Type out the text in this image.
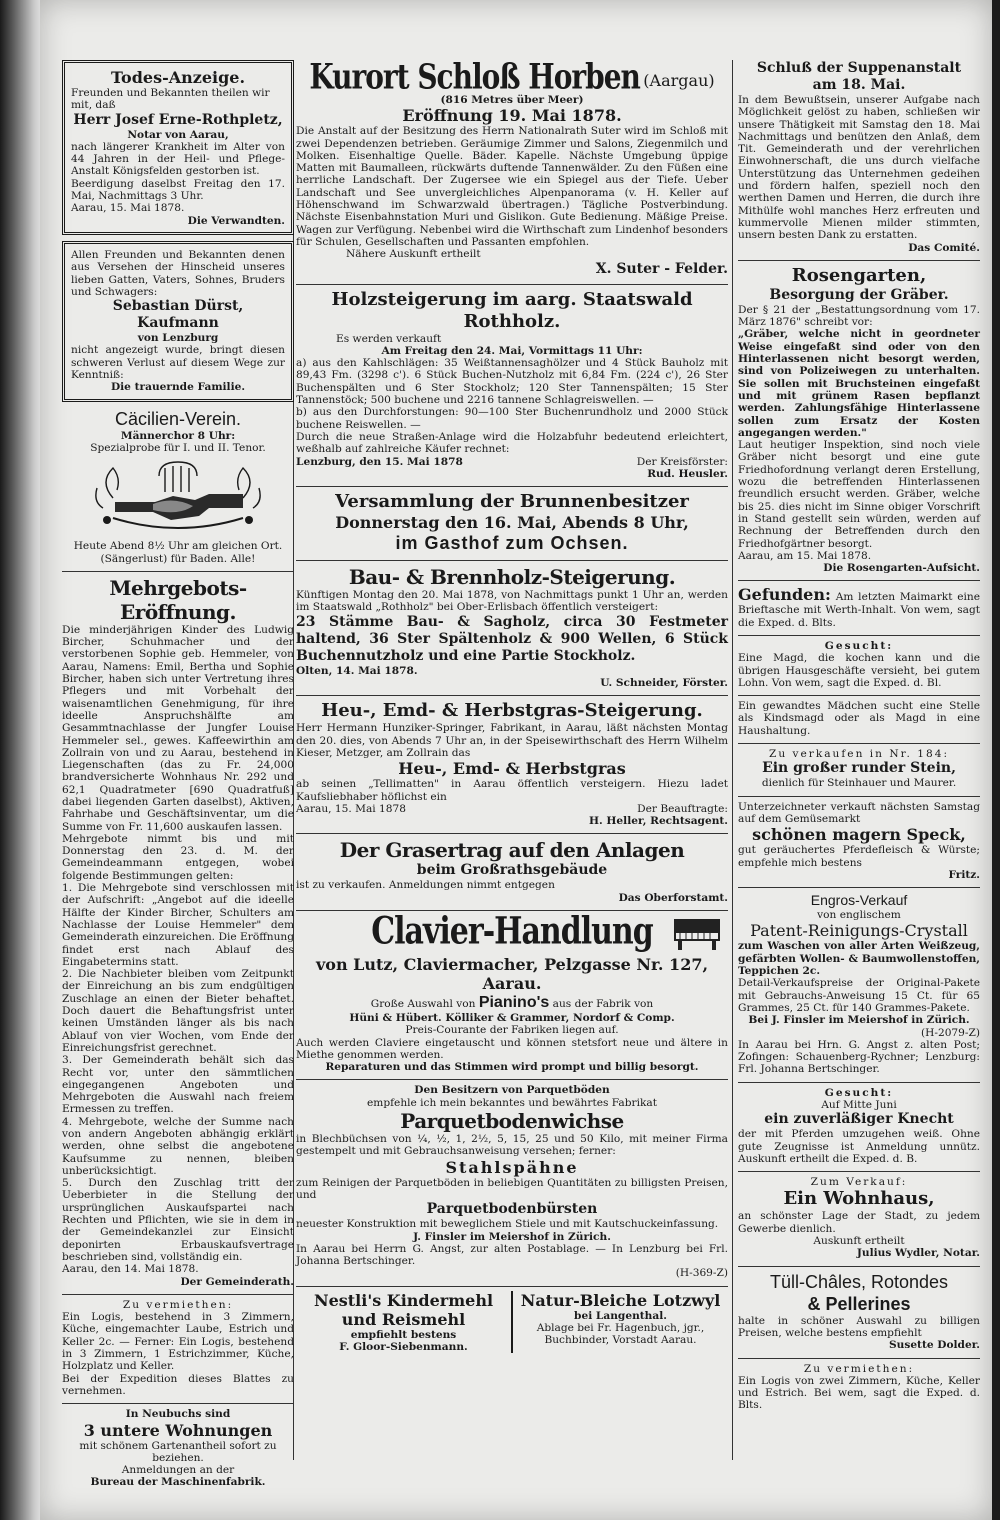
Todes-Anzeige.

Freunden und Bekannten theilen wir mit, daß

Herr Josef Erne-Rothpletz,

Notar von Aarau,

nach längerer Krankheit im Alter von 44 Jahren in der Heil- und Pflege-Anstalt Königsfelden gestorben ist.

Beerdigung daselbst Freitag den 17. Mai, Nachmittags 3 Uhr.

Aarau, 15. Mai 1878.

Die Verwandten.

Allen Freunden und Bekannten denen aus Versehen der Hinscheid unseres lieben Gatten, Vaters, Sohnes, Bruders und Schwagers:

Sebastian Dürst, Kaufmann

von Lenzburg

nicht angezeigt wurde, bringt diesen schweren Verlust auf diesem Wege zur Kenntniß:

Die trauernde Familie.

Cäcilien-Verein.

Männerchor 8 Uhr:

Spezialprobe für I. und II. Tenor.

Heute Abend 8½ Uhr am gleichen Ort. (Sängerlust) für Baden. Alle!

Mehrgebots-Eröffnung.

Die minderjährigen Kinder des Ludwig Bircher, Schuhmacher und der verstorbenen Sophie geb. Hemmeler, von Aarau, Namens: Emil, Bertha und Sophie Bircher, haben sich unter Vertretung ihres Pflegers und mit Vorbehalt der waisenamtlichen Genehmigung, für ihre ideelle Anspruchshälfte am Gesammtnachlasse der Jungfer Louise Hemmeler sel., gewes. Kaffeewirthin am Zollrain von und zu Aarau, bestehend in Liegenschaften (das zu Fr. 24,000 brandversicherte Wohnhaus Nr. 292 und 62,1 Quadratmeter [690 Quadratfuß] dabei liegenden Garten daselbst), Aktiven, Fahrhabe und Geschäftsinventar, um die Summe von Fr. 11,600 auskaufen lassen.

Mehrgebote nimmt bis und mit Donnerstag den 23. d. M. der Gemeindeammann entgegen, wobei folgende Bestimmungen gelten:

1. Die Mehrgebote sind verschlossen mit der Aufschrift: „Angebot auf die ideelle Hälfte der Kinder Bircher, Schulters am Nachlasse der Louise Hemmeler" dem Gemeinderath einzureichen. Die Eröffnung findet erst nach Ablauf des Eingabetermins statt.

2. Die Nachbieter bleiben vom Zeitpunkt der Einreichung an bis zum endgültigen Zuschlage an einen der Bieter behaftet. Doch dauert die Behaftungsfrist unter keinen Umständen länger als bis nach Ablauf von vier Wochen, vom Ende der Einreichungsfrist gerechnet.

3. Der Gemeinderath behält sich das Recht vor, unter den sämmtlichen eingegangenen Angeboten und Mehrgeboten die Auswahl nach freiem Ermessen zu treffen.

4. Mehrgebote, welche der Summe nach von andern Angeboten abhängig erklärt werden, ohne selbst die angebotene Kaufsumme zu nennen, bleiben unberücksichtigt.

5. Durch den Zuschlag tritt der Ueberbieter in die Stellung der ursprünglichen Auskaufspartei nach Rechten und Pflichten, wie sie in dem in der Gemeindekanzlei zur Einsicht deponirten Erbauskaufsvertrage beschrieben sind, vollständig ein.

Aarau, den 14. Mai 1878.

Der Gemeinderath.

Zu vermiethen:

Ein Logis, bestehend in 3 Zimmern, Küche, eingemachter Laube, Estrich und Keller 2c. — Ferner: Ein Logis, bestehend in 3 Zimmern, 1 Estrichzimmer, Küche, Holzplatz und Keller.

Bei der Expedition dieses Blattes zu vernehmen.

In Neubuchs sind

3 untere Wohnungen

mit schönem Gartenantheil sofort zu beziehen.

Anmeldungen an der

Bureau der Maschinenfabrik.

Kurort Schloß Horben (Aargau)

(816 Metres über Meer)

Eröffnung 19. Mai 1878.

Die Anstalt auf der Besitzung des Herrn Nationalrath Suter wird im Schloß mit zwei Dependenzen betrieben. Geräumige Zimmer und Salons, Ziegenmilch und Molken. Eisenhaltige Quelle. Bäder. Kapelle. Nächste Umgebung üppige Matten mit Baumalleen, rückwärts duftende Tannenwälder. Zu den Füßen eine herrliche Landschaft. Der Zugersee wie ein Spiegel aus der Tiefe. Ueber Landschaft und See unvergleichliches Alpenpanorama (v. H. Keller auf Höhenschwand im Schwarzwald übertragen.) Tägliche Postverbindung. Nächste Eisenbahnstation Muri und Gislikon. Gute Bedienung. Mäßige Preise. Wagen zur Verfügung. Nebenbei wird die Wirthschaft zum Lindenhof besonders für Schulen, Gesellschaften und Passanten empfohlen.

Nähere Auskunft ertheilt

X. Suter - Felder.

Holzsteigerung im aarg. Staatswald Rothholz.

Es werden verkauft

Am Freitag den 24. Mai, Vormittags 11 Uhr:

a) aus den Kahlschlägen: 35 Weißtannensaghölzer und 4 Stück Bauholz mit 89,43 Fm. (3298 c'). 6 Stück Buchen-Nutzholz mit 6,84 Fm. (224 c'), 26 Ster Buchenspälten und 6 Ster Stockholz; 120 Ster Tannenspälten; 15 Ster Tannenstöck; 500 buchene und 2216 tannene Schlagreiswellen. —

b) aus den Durchforstungen: 90—100 Ster Buchenrundholz und 2000 Stück buchene Reiswellen. —

Durch die neue Straßen-Anlage wird die Holzabfuhr bedeutend erleichtert, weßhalb auf zahlreiche Käufer rechnet:

Lenzburg, den 15. Mai 1878	Der Kreisförster:

Rud. Heusler.

Versammlung der Brunnenbesitzer

Donnerstag den 16. Mai, Abends 8 Uhr,

im Gasthof zum Ochsen.

Bau- & Brennholz-Steigerung.

Künftigen Montag den 20. Mai 1878, von Nachmittags punkt 1 Uhr an, werden im Staatswald „Rothholz" bei Ober-Erlisbach öffentlich versteigert:

23 Stämme Bau- & Sagholz, circa 30 Festmeter haltend, 36 Ster Spältenholz & 900 Wellen, 6 Stück Buchennutzholz und eine Partie Stockholz.

Olten, 14. Mai 1878.

U. Schneider, Förster.

Heu-, Emd- & Herbstgras-Steigerung.

Herr Hermann Hunziker-Springer, Fabrikant, in Aarau, läßt nächsten Montag den 20. dies, von Abends 7 Uhr an, in der Speisewirthschaft des Herrn Wilhelm Kieser, Metzger, am Zollrain das

Heu-, Emd- & Herbstgras

ab seinen „Tellimatten" in Aarau öffentlich versteigern. Hiezu ladet Kaufsliebhaber höflichst ein

Aarau, 15. Mai 1878	Der Beauftragte:

H. Heller, Rechtsagent.

Der Grasertrag auf den Anlagen

beim Großrathsgebäude

ist zu verkaufen. Anmeldungen nimmt entgegen

Das Oberforstamt.

Clavier-Handlung

von Lutz, Claviermacher, Pelzgasse Nr. 127, Aarau.

Große Auswahl von Pianino's aus der Fabrik von

Hüni & Hübert. Kölliker & Grammer, Nordorf & Comp.

Preis-Courante der Fabriken liegen auf.

Auch werden Claviere eingetauscht und können stetsfort neue und ältere in Miethe genommen werden.

Reparaturen und das Stimmen wird prompt und billig besorgt.

Den Besitzern von Parquetböden

empfehle ich mein bekanntes und bewährtes Fabrikat

Parquetbodenwichse

in Blechbüchsen von ¼, ½, 1, 2½, 5, 15, 25 und 50 Kilo, mit meiner Firma gestempelt und mit Gebrauchsanweisung versehen; ferner:

Stahlspähne

zum Reinigen der Parquetböden in beliebigen Quantitäten zu billigsten Preisen, und

Parquetbodenbürsten

neuester Konstruktion mit beweglichem Stiele und mit Kautschuckeinfassung.

J. Finsler im Meiershof in Zürich.

In Aarau bei Herrn G. Angst, zur alten Postablage. — In Lenzburg bei Frl. Johanna Bertschinger.

(H-369-Z)

Nestli's Kindermehl und Reismehl

empfiehlt bestens

F. Gloor-Siebenmann.

Natur-Bleiche Lotzwyl

bei Langenthal.

Ablage bei Fr. Hagenbuch, jgr., Buchbinder, Vorstadt Aarau.

Schluß der Suppenanstalt

am 18. Mai.

In dem Bewußtsein, unserer Aufgabe nach Möglichkeit gelöst zu haben, schließen wir unsere Thätigkeit mit Samstag den 18. Mai Nachmittags und benützen den Anlaß, dem Tit. Gemeinderath und der verehrlichen Einwohnerschaft, die uns durch vielfache Unterstützung das Unternehmen gedeihen und fördern halfen, speziell noch den werthen Damen und Herren, die durch ihre Mithülfe wohl manches Herz erfreuten und kummervolle Mienen milder stimmten, unsern besten Dank zu erstatten.

Das Comité.

Rosengarten,

Besorgung der Gräber.

Der § 21 der „Bestattungsordnung vom 17. März 1876" schreibt vor:

„Gräber, welche nicht in geordneter Weise eingefaßt sind oder von den Hinterlassenen nicht besorgt werden, sind von Polizeiwegen zu unterhalten. Sie sollen mit Bruchsteinen eingefaßt und mit grünem Rasen bepflanzt werden. Zahlungsfähige Hinterlassene sollen zum Ersatz der Kosten angegangen werden."

Laut heutiger Inspektion, sind noch viele Gräber nicht besorgt und eine gute Friedhofordnung verlangt deren Erstellung, wozu die betreffenden Hinterlassenen freundlich ersucht werden. Gräber, welche bis 25. dies nicht im Sinne obiger Vorschrift in Stand gestellt sein würden, werden auf Rechnung der Betreffenden durch den Friedhofgärtner besorgt.

Aarau, am 15. Mai 1878.

Die Rosengarten-Aufsicht.

Gefunden: Am letzten Maimarkt eine Brieftasche mit Werth-Inhalt. Von wem, sagt die Exped. d. Blts.

Gesucht:

Eine Magd, die kochen kann und die übrigen Hausgeschäfte versieht, bei gutem Lohn. Von wem, sagt die Exped. d. Bl.

Ein gewandtes Mädchen sucht eine Stelle als Kindsmagd oder als Magd in eine Haushaltung.

Zu verkaufen in Nr. 184:

Ein großer runder Stein,

dienlich für Steinhauer und Maurer.

Unterzeichneter verkauft nächsten Samstag auf dem Gemüsemarkt

schönen magern Speck,

gut geräuchertes Pferdefleisch & Würste; empfehle mich bestens

Fritz.

Engros-Verkauf

von englischem

Patent-Reinigungs-Crystall

zum Waschen von aller Arten Weißzeug, gefärbten Wollen- & Baumwollenstoffen, Teppichen 2c.

Detail-Verkaufspreise der Original-Pakete mit Gebrauchs-Anweisung 15 Ct. für 65 Grammes, 25 Ct. für 140 Grammes-Pakete.

Bei J. Finsler im Meiershof in Zürich.

(H-2079-Z)

In Aarau bei Hrn. G. Angst z. alten Post; Zofingen: Schauenberg-Rychner; Lenzburg: Frl. Johanna Bertschinger.

Gesucht:

Auf Mitte Juni

ein zuverläßiger Knecht

der mit Pferden umzugehen weiß. Ohne gute Zeugnisse ist Anmeldung unnütz. Auskunft ertheilt die Exped. d. B.

Zum Verkauf:

Ein Wohnhaus,

an schönster Lage der Stadt, zu jedem Gewerbe dienlich.

Auskunft ertheilt

Julius Wydler, Notar.

Tüll-Châles, Rotondes

& Pellerines

halte in schöner Auswahl zu billigen Preisen, welche bestens empfiehlt

Susette Dolder.

Zu vermiethen:

Ein Logis von zwei Zimmern, Küche, Keller und Estrich. Bei wem, sagt die Exped. d. Blts.
